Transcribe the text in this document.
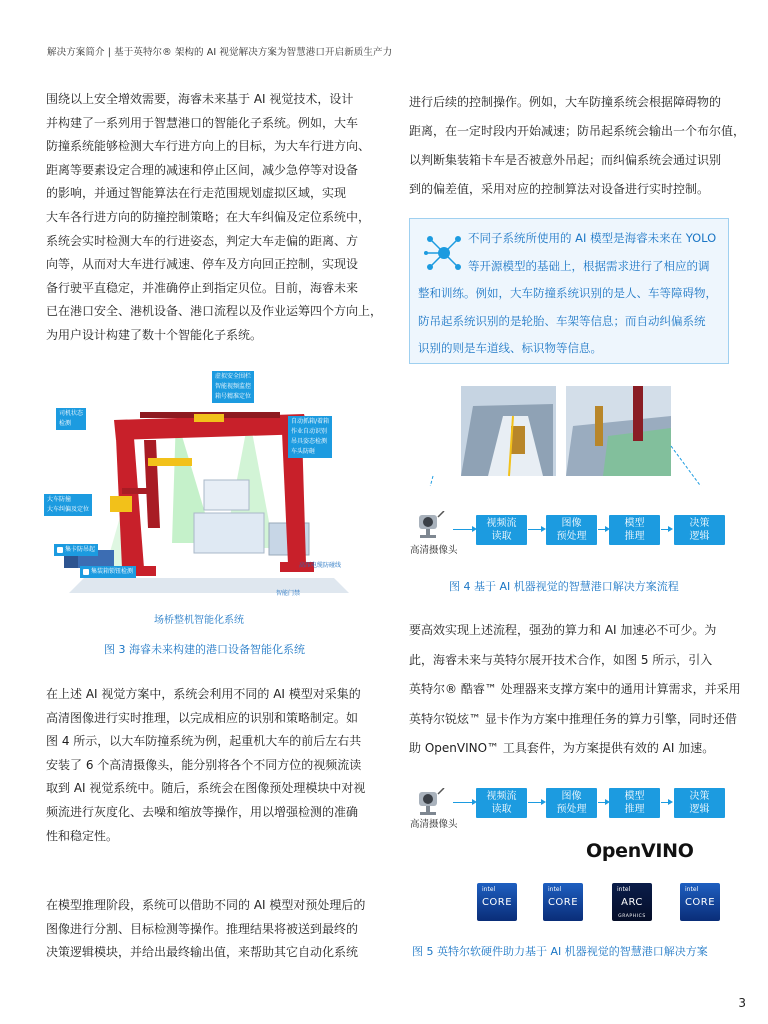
解决方案简介 | 基于英特尔® 架构的 AI 视觉解决方案为智慧港口开启新质生产力
围绕以上安全增效需要，海睿未来基于 AI 视觉技术，设计
并构建了一系列用于智慧港口的智能化子系统。例如，大车
防撞系统能够检测大车行进方向上的目标，为大车行进方向、
距离等要素设定合理的减速和停止区间，减少急停等对设备
的影响，并通过智能算法在行走范围规划虚拟区域，实现
大车各行进方向的防撞控制策略；在大车纠偏及定位系统中，
系统会实时检测大车的行进姿态，判定大车走偏的距离、方
向等，从而对大车进行减速、停车及方向回正控制，实现设
备行驶平直稳定，并准确停止到指定贝位。目前，海睿未来
已在港口安全、港机设备、港口流程以及作业运筹四个方向上，
为用户设计构建了数十个智能化子系统。
虚拟安全围栏
智能视频监控
箱号精准定位
司机状态
检测	自动抓箱/着箱
作业自动识别
吊具姿态检测
车头防砸
大车防撞
大车纠偏及定位
集卡防吊起
高压电缆防碰线
集装箱锁钮检测
智能门禁
场桥整机智能化系统
图 3 海睿未来构建的港口设备智能化系统
在上述 AI 视觉方案中，系统会利用不同的 AI 模型对采集的
高清图像进行实时推理，以完成相应的识别和策略制定。如
图 4 所示，以大车防撞系统为例，起重机大车的前后左右共
安装了 6 个高清摄像头，能分别将各个不同方位的视频流读
取到 AI 视觉系统中。随后，系统会在图像预处理模块中对视
频流进行灰度化、去噪和缩放等操作，用以增强检测的准确
性和稳定性。
在模型推理阶段，系统可以借助不同的 AI 模型对预处理后的
图像进行分割、目标检测等操作。推理结果将被送到最终的
决策逻辑模块，并给出最终输出值，来帮助其它自动化系统
进行后续的控制操作。例如，大车防撞系统会根据障碍物的
距离，在一定时段内开始减速；防吊起系统会输出一个布尔值，
以判断集装箱卡车是否被意外吊起；而纠偏系统会通过识别
到的偏差值，采用对应的控制算法对设备进行实时控制。
不同子系统所使用的 AI 模型是海睿未来在 YOLO
等开源模型的基础上，根据需求进行了相应的调
整和训练。例如，大车防撞系统识别的是人、车等障碍物，
防吊起系统识别的是轮胎、车架等信息；而自动纠偏系统
识别的则是车道线、标识物等信息。
高清摄像头
视频流
读取
图像
预处理
模型
推理
决策
逻辑
图 4 基于 AI 机器视觉的智慧港口解决方案流程
要高效实现上述流程，强劲的算力和 AI 加速必不可少。为
此，海睿未来与英特尔展开技术合作，如图 5 所示，引入
英特尔® 酷睿™ 处理器来支撑方案中的通用计算需求，并采用
英特尔锐炫™ 显卡作为方案中推理任务的算力引擎，同时还借
助 OpenVINO™ 工具套件，为方案提供有效的 AI 加速。
高清摄像头
视频流
读取
图像
预处理
模型
推理
决策
逻辑
OpenVINO
intel
CORE
intel
CORE
intel
ARC
GRAPHICS
intel
CORE
图 5 英特尔软硬件助力基于 AI 机器视觉的智慧港口解决方案
3
